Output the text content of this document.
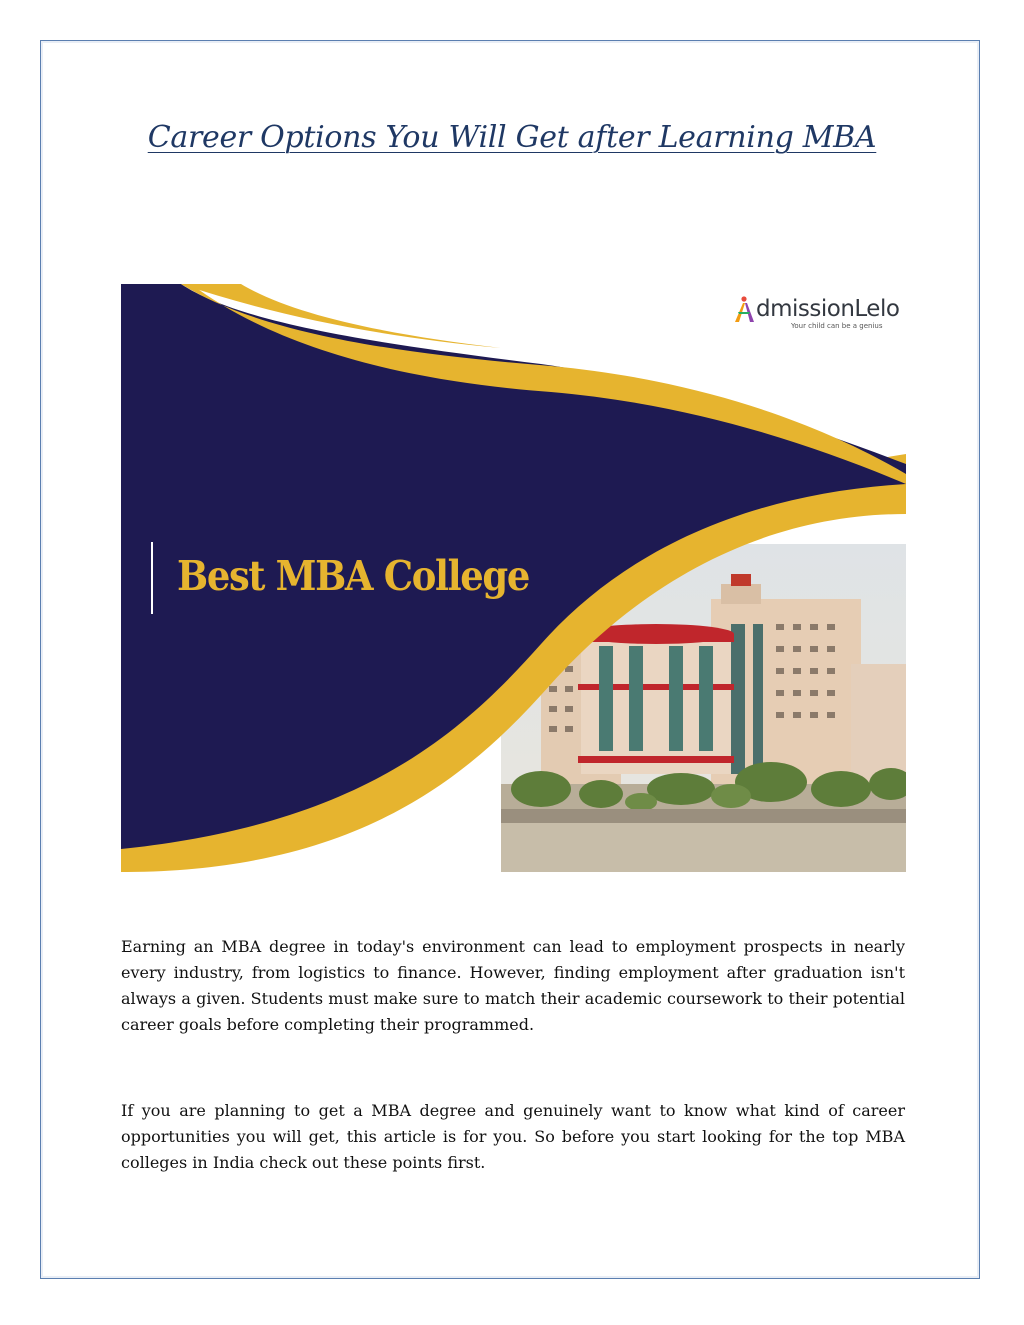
Career Options You Will Get after Learning MBA
dmissionLelo
Your child can be a genius
Best MBA College

Earning an MBA degree in today's environment can lead to employment prospects in nearly every industry, from logistics to finance. However, finding employment after graduation isn't always a given. Students must make sure to match their academic coursework to their potential career goals before completing their programmed.

If you are planning to get a MBA degree and genuinely want to know what kind of career opportunities you will get, this article is for you. So before you start looking for the top MBA colleges in India check out these points first.
